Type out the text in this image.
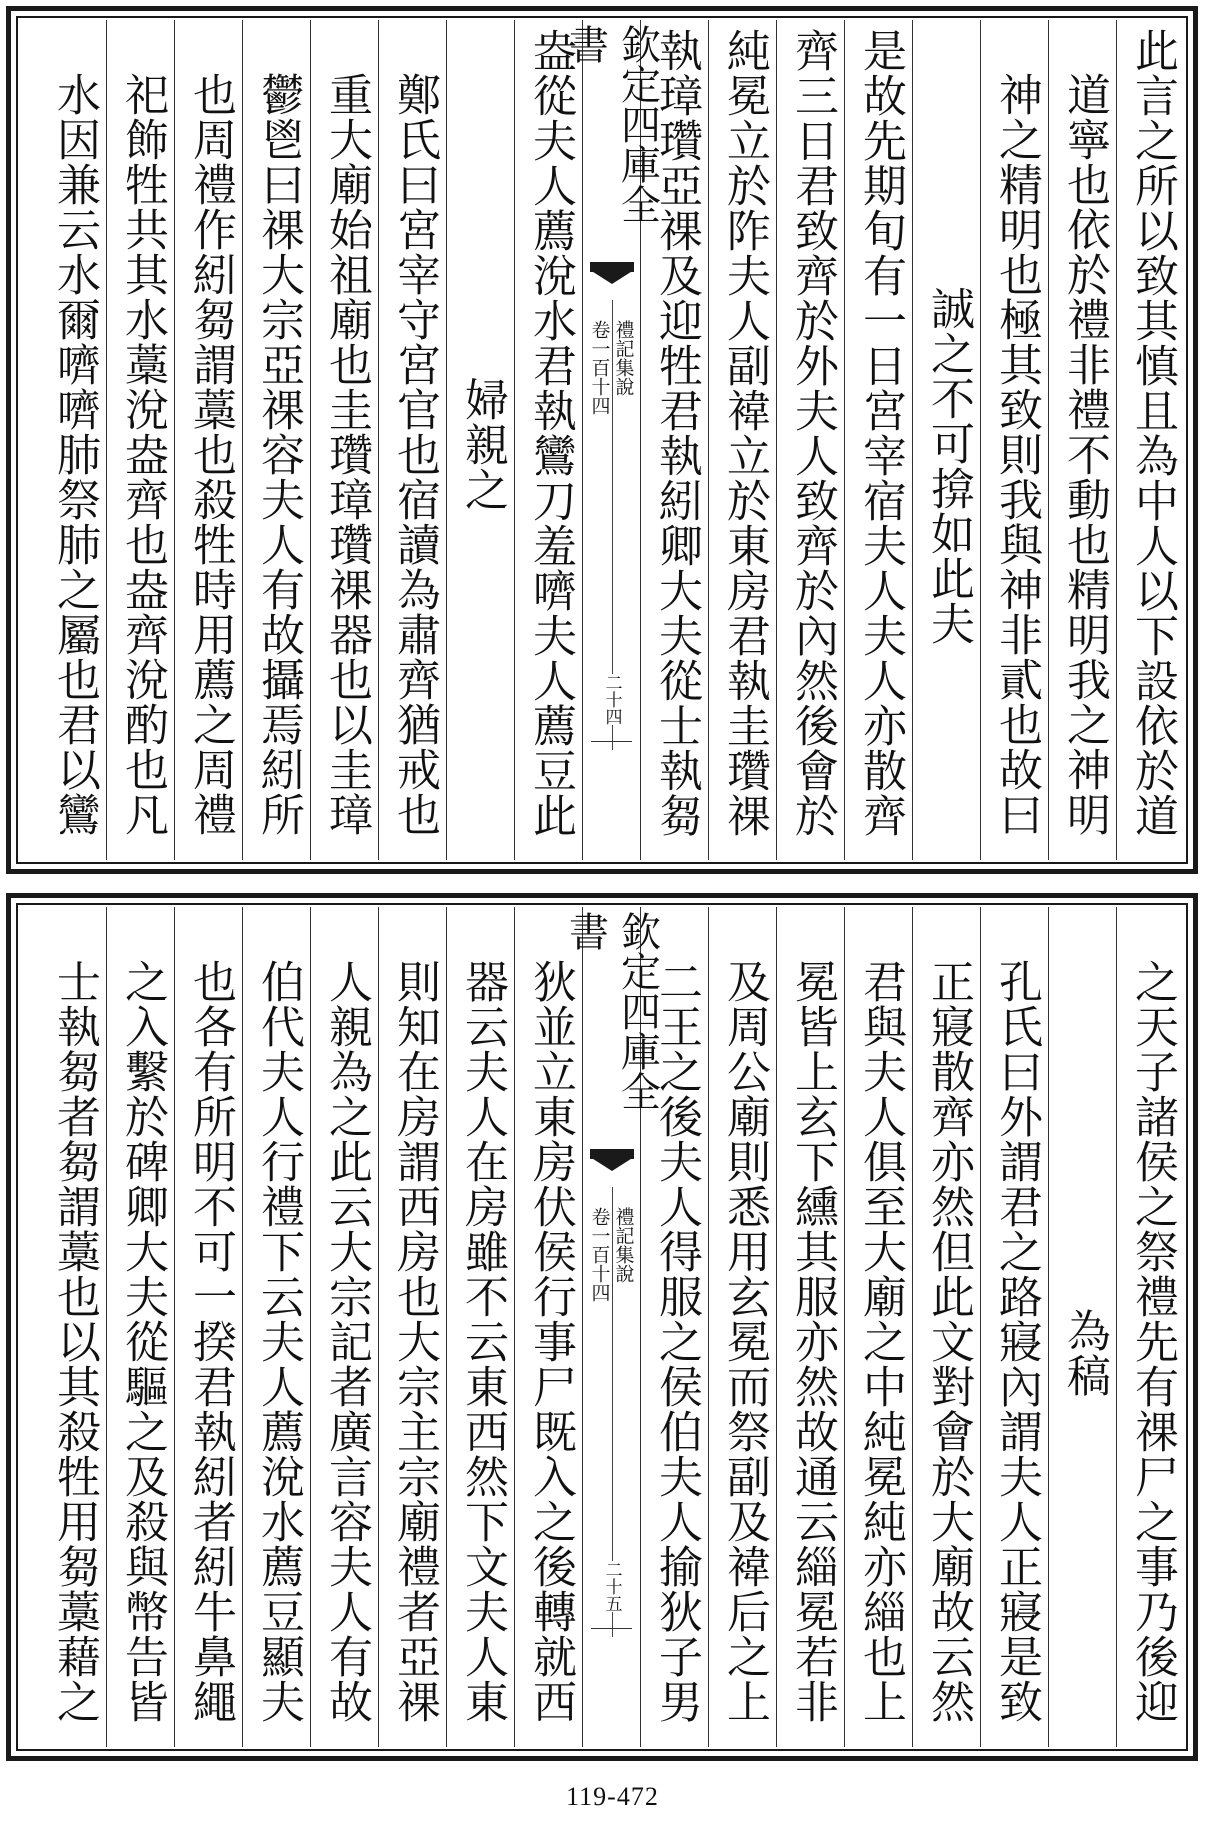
此言之所以致其慎且為中人以下設依於道
道寧也依於禮非禮不動也精明我之神明
神之精明也極其致則我與神非貳也故曰
誠之不可揜如此夫
是故先期旬有一日宮宰宿夫人夫人亦散齊
齊三日君致齊於外夫人致齊於內然後會於
純冕立於阼夫人副褘立於東房君執圭瓚祼
執璋瓚亞祼及迎牲君執紖卿大夫從士執芻
欽定四庫全書
禮記集說
卷一百十四
二十四
盎從夫人薦涗水君執鸞刀羞嚌夫人薦豆此
婦親之
鄭氏曰宮宰守宮官也宿讀為肅齊猶戒也
重大廟始祖廟也圭瓚璋瓚祼器也以圭璋
鬱鬯曰祼大宗亞祼容夫人有故攝焉紖所
也周禮作紖芻謂藁也殺牲時用薦之周禮
祀飾牲共其水藁涗盎齊也盎齊涗酌也凡
水因兼云水爾嚌嚌肺祭肺之屬也君以鸞
之天子諸侯之祭禮先有祼尸之事乃後迎
為稿
孔氏曰外謂君之路寢內謂夫人正寢是致
正寢散齊亦然但此文對會於大廟故云然
君與夫人俱至大廟之中純冕純亦緇也上
冕皆上玄下纁其服亦然故通云緇冕若非
及周公廟則悉用玄冕而祭副及褘后之上
二王之後夫人得服之侯伯夫人揄狄子男
欽定四庫全書
禮記集說
卷一百十四
二十五
狄並立東房伏侯行事尸既入之後轉就西
器云夫人在房雖不云東西然下文夫人東
則知在房謂西房也大宗主宗廟禮者亞祼
人親為之此云大宗記者廣言容夫人有故
伯代夫人行禮下云夫人薦涗水薦豆顯夫
也各有所明不可一揆君執紖者紖牛鼻繩
之入繫於碑卿大夫從驅之及殺與幣告皆
士執芻者芻謂藁也以其殺牲用芻藁藉之
119-472
